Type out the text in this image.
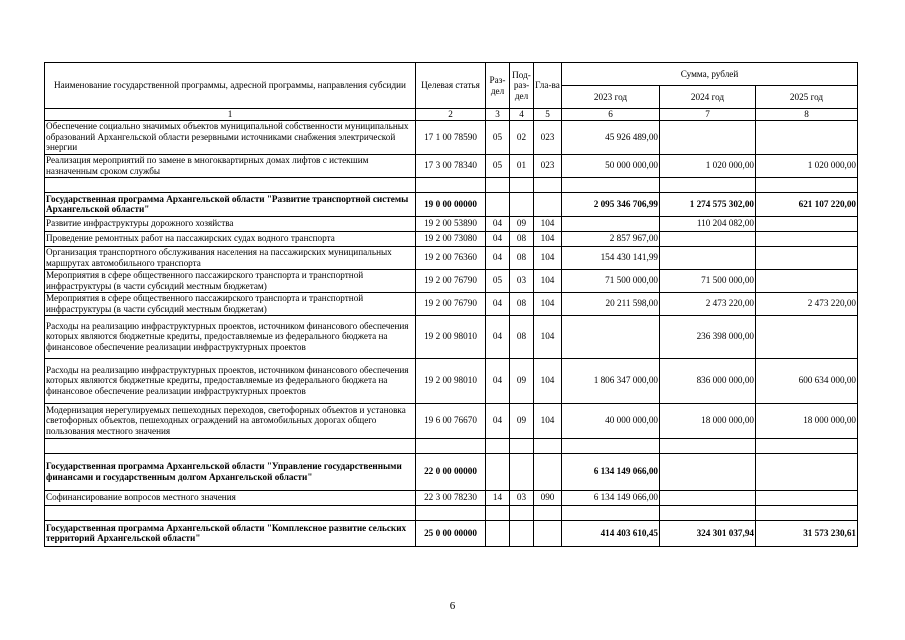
Наименование государственной программы, адресной программы, направления субсидии	Целевая статья	Раз-дел	Под-раз-дел	Гла-ва	Сумма, рублей		
					2023 год	2024 год	2025 год
1	2	3	4	5	6	7	8
Обеспечение социально значимых объектов муниципальной собственности муниципальных образований Архангельской области резервными источниками снабжения электрической энергии	17 1 00 78590	05	02	023	45 926 489,00		
Реализация мероприятий по замене в многоквартирных домах лифтов с истекшим назначенным сроком службы	17 3 00 78340	05	01	023	50 000 000,00	1 020 000,00	1 020 000,00

Государственная программа Архангельской области "Развитие транспортной системы Архангельской области"	19 0 00 00000				2 095 346 706,99	1 274 575 302,00	621 107 220,00
Развитие инфраструктуры дорожного хозяйства	19 2 00 53890	04	09	104		110 204 082,00	
Проведение ремонтных работ на пассажирских судах водного транспорта	19 2 00 73080	04	08	104	2 857 967,00		
Организация транспортного обслуживания населения на пассажирских муниципальных маршрутах автомобильного транспорта	19 2 00 76360	04	08	104	154 430 141,99		
Мероприятия в сфере общественного пассажирского транспорта и транспортной инфраструктуры (в части субсидий местным бюджетам)	19 2 00 76790	05	03	104	71 500 000,00	71 500 000,00	
Мероприятия в сфере общественного пассажирского транспорта и транспортной инфраструктуры (в части субсидий местным бюджетам)	19 2 00 76790	04	08	104	20 211 598,00	2 473 220,00	2 473 220,00
Расходы на реализацию инфраструктурных проектов, источником финансового обеспечения которых являются бюджетные кредиты, предоставляемые из федерального бюджета на финансовое обеспечение реализации инфраструктурных проектов	19 2 00 98010	04	08	104		236 398 000,00	
Расходы на реализацию инфраструктурных проектов, источником финансового обеспечения которых являются бюджетные кредиты, предоставляемые из федерального бюджета на финансовое обеспечение реализации инфраструктурных проектов	19 2 00 98010	04	09	104	1 806 347 000,00	836 000 000,00	600 634 000,00
Модернизация нерегулируемых пешеходных переходов, светофорных объектов и установка светофорных объектов, пешеходных ограждений на автомобильных дорогах общего пользования местного значения	19 6 00 76670	04	09	104	40 000 000,00	18 000 000,00	18 000 000,00

Государственная программа Архангельской области "Управление государственными финансами и государственным долгом Архангельской области"	22 0 00 00000				6 134 149 066,00		
Софинансирование вопросов местного значения	22 3 00 78230	14	03	090	6 134 149 066,00		

Государственная программа Архангельской области "Комплексное развитие сельских территорий Архангельской области"	25 0 00 00000				414 403 610,45	324 301 037,94	31 573 230,61
6
